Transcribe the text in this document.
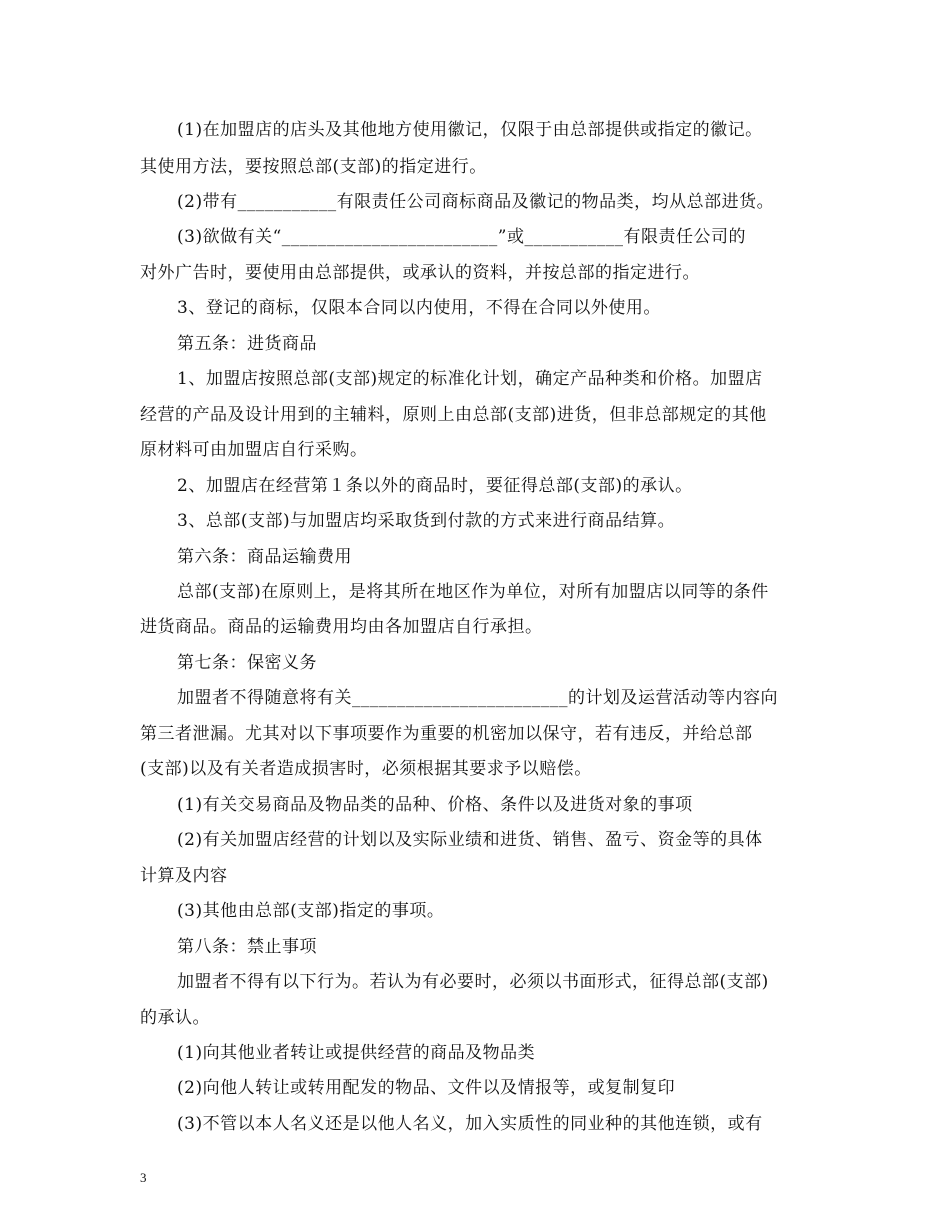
(1)在加盟店的店头及其他地方使用徽记，仅限于由总部提供或指定的徽记。
其使用方法，要按照总部(支部)的指定进行。
(2)带有___________有限责任公司商标商品及徽记的物品类，均从总部进货。
(3)欲做有关“________________________”或___________有限责任公司的
对外广告时，要使用由总部提供，或承认的资料，并按总部的指定进行。
3、登记的商标，仅限本合同以内使用，不得在合同以外使用。
第五条：进货商品
1、加盟店按照总部(支部)规定的标准化计划，确定产品种类和价格。加盟店
经营的产品及设计用到的主辅料，原则上由总部(支部)进货，但非总部规定的其他
原材料可由加盟店自行采购。
2、加盟店在经营第１条以外的商品时，要征得总部(支部)的承认。
3、总部(支部)与加盟店均采取货到付款的方式来进行商品结算。
第六条：商品运输费用
总部(支部)在原则上，是将其所在地区作为单位，对所有加盟店以同等的条件
进货商品。商品的运输费用均由各加盟店自行承担。
第七条：保密义务
加盟者不得随意将有关________________________的计划及运营活动等内容向
第三者泄漏。尤其对以下事项要作为重要的机密加以保守，若有违反，并给总部
(支部)以及有关者造成损害时，必须根据其要求予以赔偿。
(1)有关交易商品及物品类的品种、价格、条件以及进货对象的事项
(2)有关加盟店经营的计划以及实际业绩和进货、销售、盈亏、资金等的具体
计算及内容
(3)其他由总部(支部)指定的事项。
第八条：禁止事项
加盟者不得有以下行为。若认为有必要时，必须以书面形式，征得总部(支部)
的承认。
(1)向其他业者转让或提供经营的商品及物品类
(2)向他人转让或转用配发的物品、文件以及情报等，或复制复印
(3)不管以本人名义还是以他人名义，加入实质性的同业种的其他连锁，或有
3
